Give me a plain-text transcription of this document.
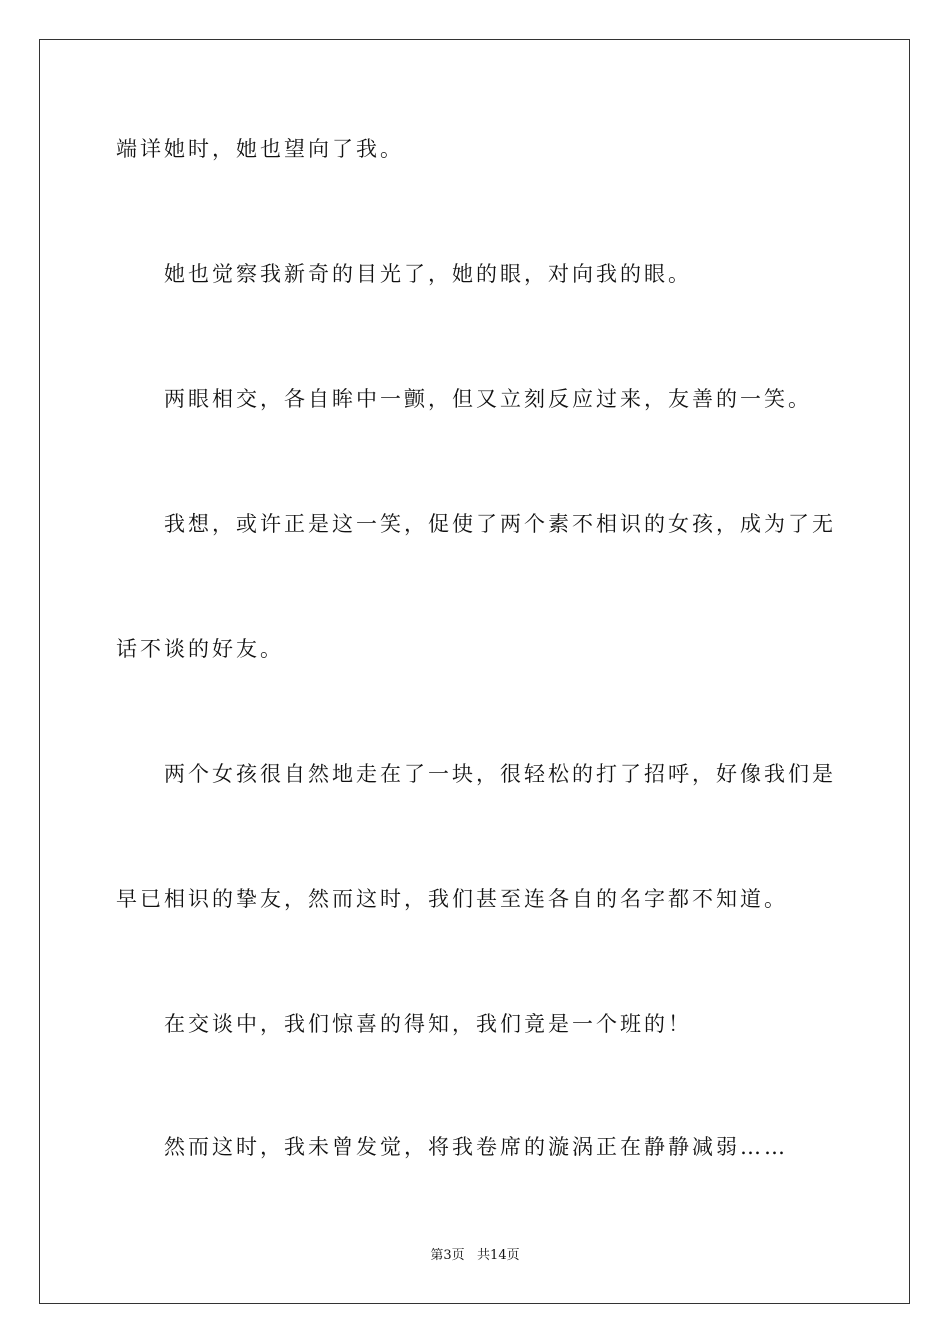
端详她时，她也望向了我。
她也觉察我新奇的目光了，她的眼，对向我的眼。
两眼相交，各自眸中一颤，但又立刻反应过来，友善的一笑。
我想，或许正是这一笑，促使了两个素不相识的女孩，成为了无
话不谈的好友。
两个女孩很自然地走在了一块，很轻松的打了招呼，好像我们是
早已相识的挚友，然而这时，我们甚至连各自的名字都不知道。
在交谈中，我们惊喜的得知，我们竟是一个班的！
然而这时，我未曾发觉，将我卷席的漩涡正在静静减弱……
第3页   共14页
